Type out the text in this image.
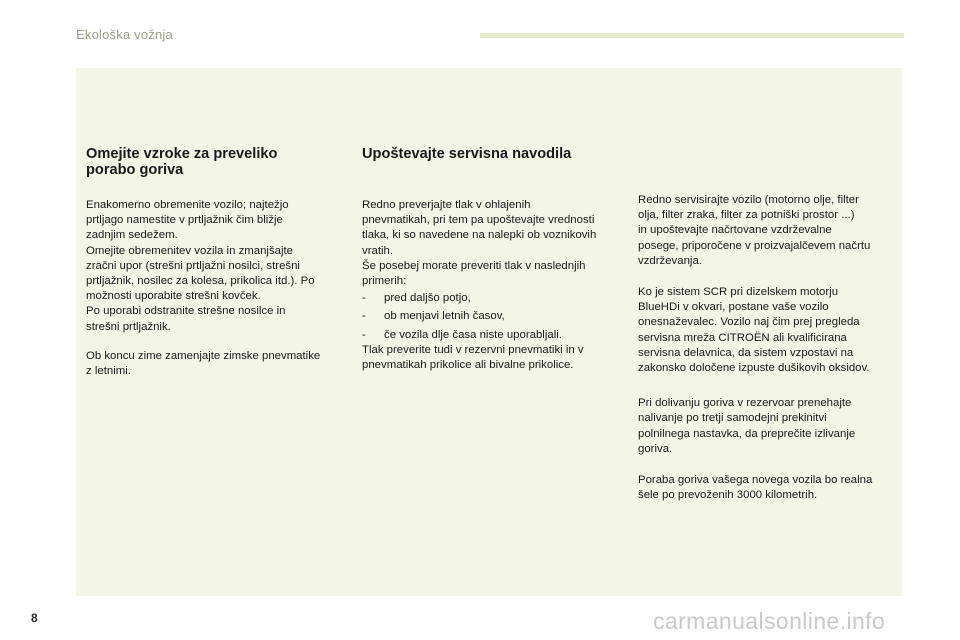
Ekološka vožnja
Omejite vzroke za preveliko
porabo goriva

Enakomerno obremenite vozilo; najtežjo
prtljago namestite v prtljažnik čim bližje
zadnjim sedežem.
Omejite obremenitev vozila in zmanjšajte
zračni upor (strešni prtljažni nosilci, strešni
prtljažnik, nosilec za kolesa, prikolica itd.). Po
možnosti uporabite strešni kovček.
Po uporabi odstranite strešne nosilce in
strešni prtljažnik.

Ob koncu zime zamenjajte zimske pnevmatike
z letnimi.

Upoštevajte servisna navodila

Redno preverjajte tlak v ohlajenih
pnevmatikah, pri tem pa upoštevajte vrednosti
tlaka, ki so navedene na nalepki ob voznikovih
vratih.
Še posebej morate preveriti tlak v naslednjih
primerih:

-	pred daljšo potjo,
-	ob menjavi letnih časov,
-	če vozila dlje časa niste uporabljali.

Tlak preverite tudi v rezervni pnevmatiki in v
pnevmatikah prikolice ali bivalne prikolice.

Redno servisirajte vozilo (motorno olje, filter
olja, filter zraka, filter za potniški prostor ...)
in upoštevajte načrtovane vzdrževalne
posege, priporočene v proizvajalčevem načrtu
vzdrževanja.

Ko je sistem SCR pri dizelskem motorju
BlueHDi v okvari, postane vaše vozilo
onesnaževalec. Vozilo naj čim prej pregleda
servisna mreža CITROËN ali kvalificirana
servisna delavnica, da sistem vzpostavi na
zakonsko določene izpuste dušikovih oksidov.

Pri dolivanju goriva v rezervoar prenehajte
nalivanje po tretji samodejni prekinitvi
polnilnega nastavka, da preprečite izlivanje
goriva.

Poraba goriva vašega novega vozila bo realna
šele po prevoženih 3000 kilometrih.

8	carmanualsonline.info
